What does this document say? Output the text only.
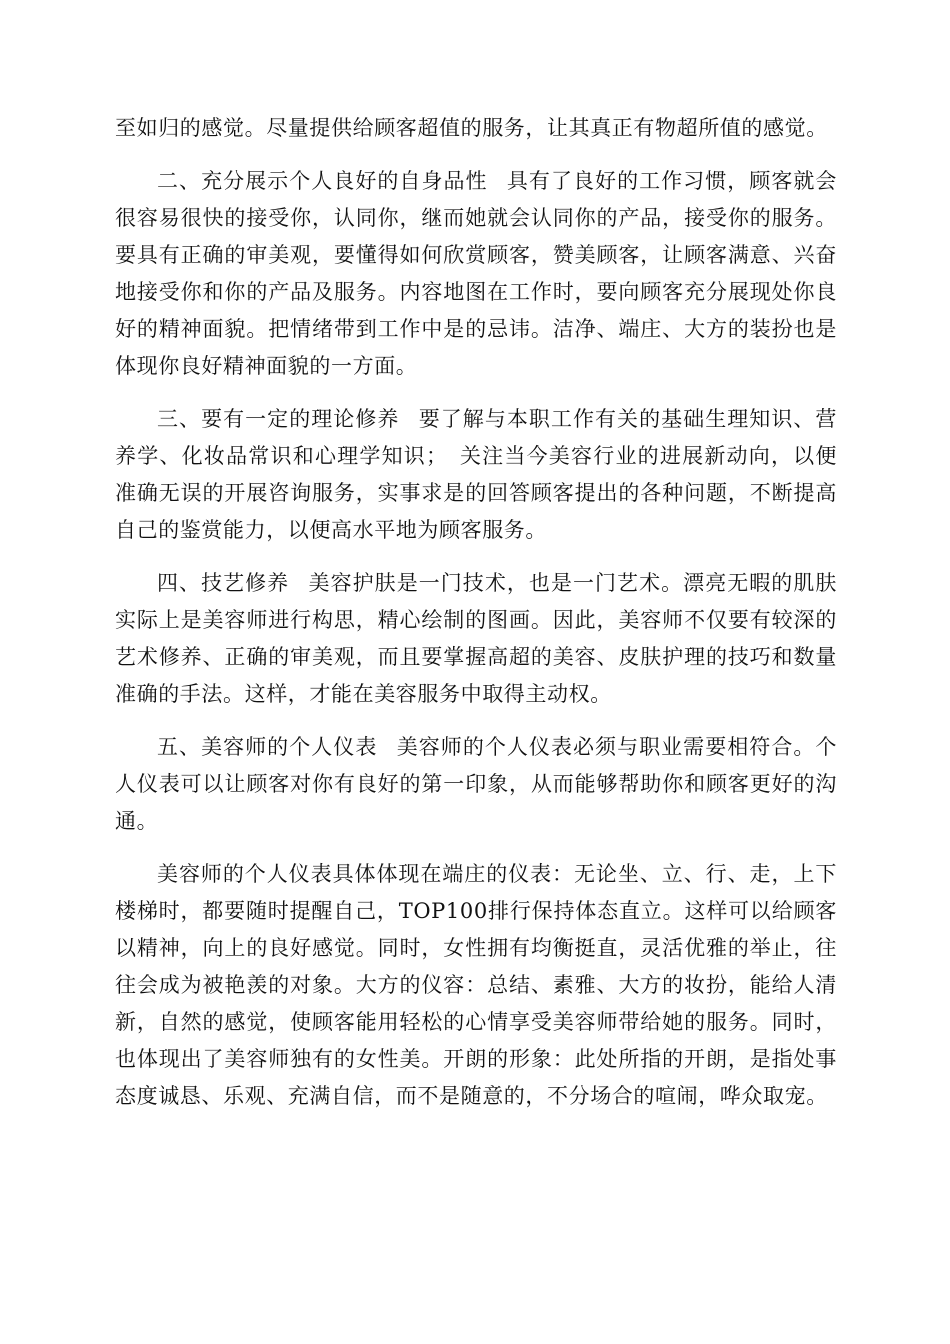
至如归的感觉。尽量提供给顾客超值的服务，让其真正有物超所值的感觉。

二、充分展示个人良好的自身品性 具有了良好的工作习惯，顾客就会很容易很快的接受你，认同你，继而她就会认同你的产品，接受你的服务。要具有正确的审美观，要懂得如何欣赏顾客，赞美顾客，让顾客满意、兴奋地接受你和你的产品及服务。内容地图在工作时，要向顾客充分展现处你良好的精神面貌。把情绪带到工作中是的忌讳。洁净、端庄、大方的装扮也是体现你良好精神面貌的一方面。

三、要有一定的理论修养 要了解与本职工作有关的基础生理知识、营养学、化妆品常识和心理学知识；　关注当今美容行业的进展新动向，以便准确无误的开展咨询服务，实事求是的回答顾客提出的各种问题，不断提高自己的鉴赏能力，以便高水平地为顾客服务。

四、技艺修养 美容护肤是一门技术，也是一门艺术。漂亮无暇的肌肤实际上是美容师进行构思，精心绘制的图画。因此，美容师不仅要有较深的艺术修养、正确的审美观，而且要掌握高超的美容、皮肤护理的技巧和数量准确的手法。这样，才能在美容服务中取得主动权。

五、美容师的个人仪表 美容师的个人仪表必须与职业需要相符合。个人仪表可以让顾客对你有良好的第一印象，从而能够帮助你和顾客更好的沟通。

美容师的个人仪表具体体现在端庄的仪表：无论坐、立、行、走，上下楼梯时，都要随时提醒自己，TOP100排行保持体态直立。这样可以给顾客以精神，向上的良好感觉。同时，女性拥有均衡挺直，灵活优雅的举止，往往会成为被艳羡的对象。大方的仪容：总结、素雅、大方的妆扮，能给人清新，自然的感觉，使顾客能用轻松的心情享受美容师带给她的服务。同时，也体现出了美容师独有的女性美。开朗的形象：此处所指的开朗，是指处事态度诚恳、乐观、充满自信，而不是随意的，不分场合的喧闹，哗众取宠。
